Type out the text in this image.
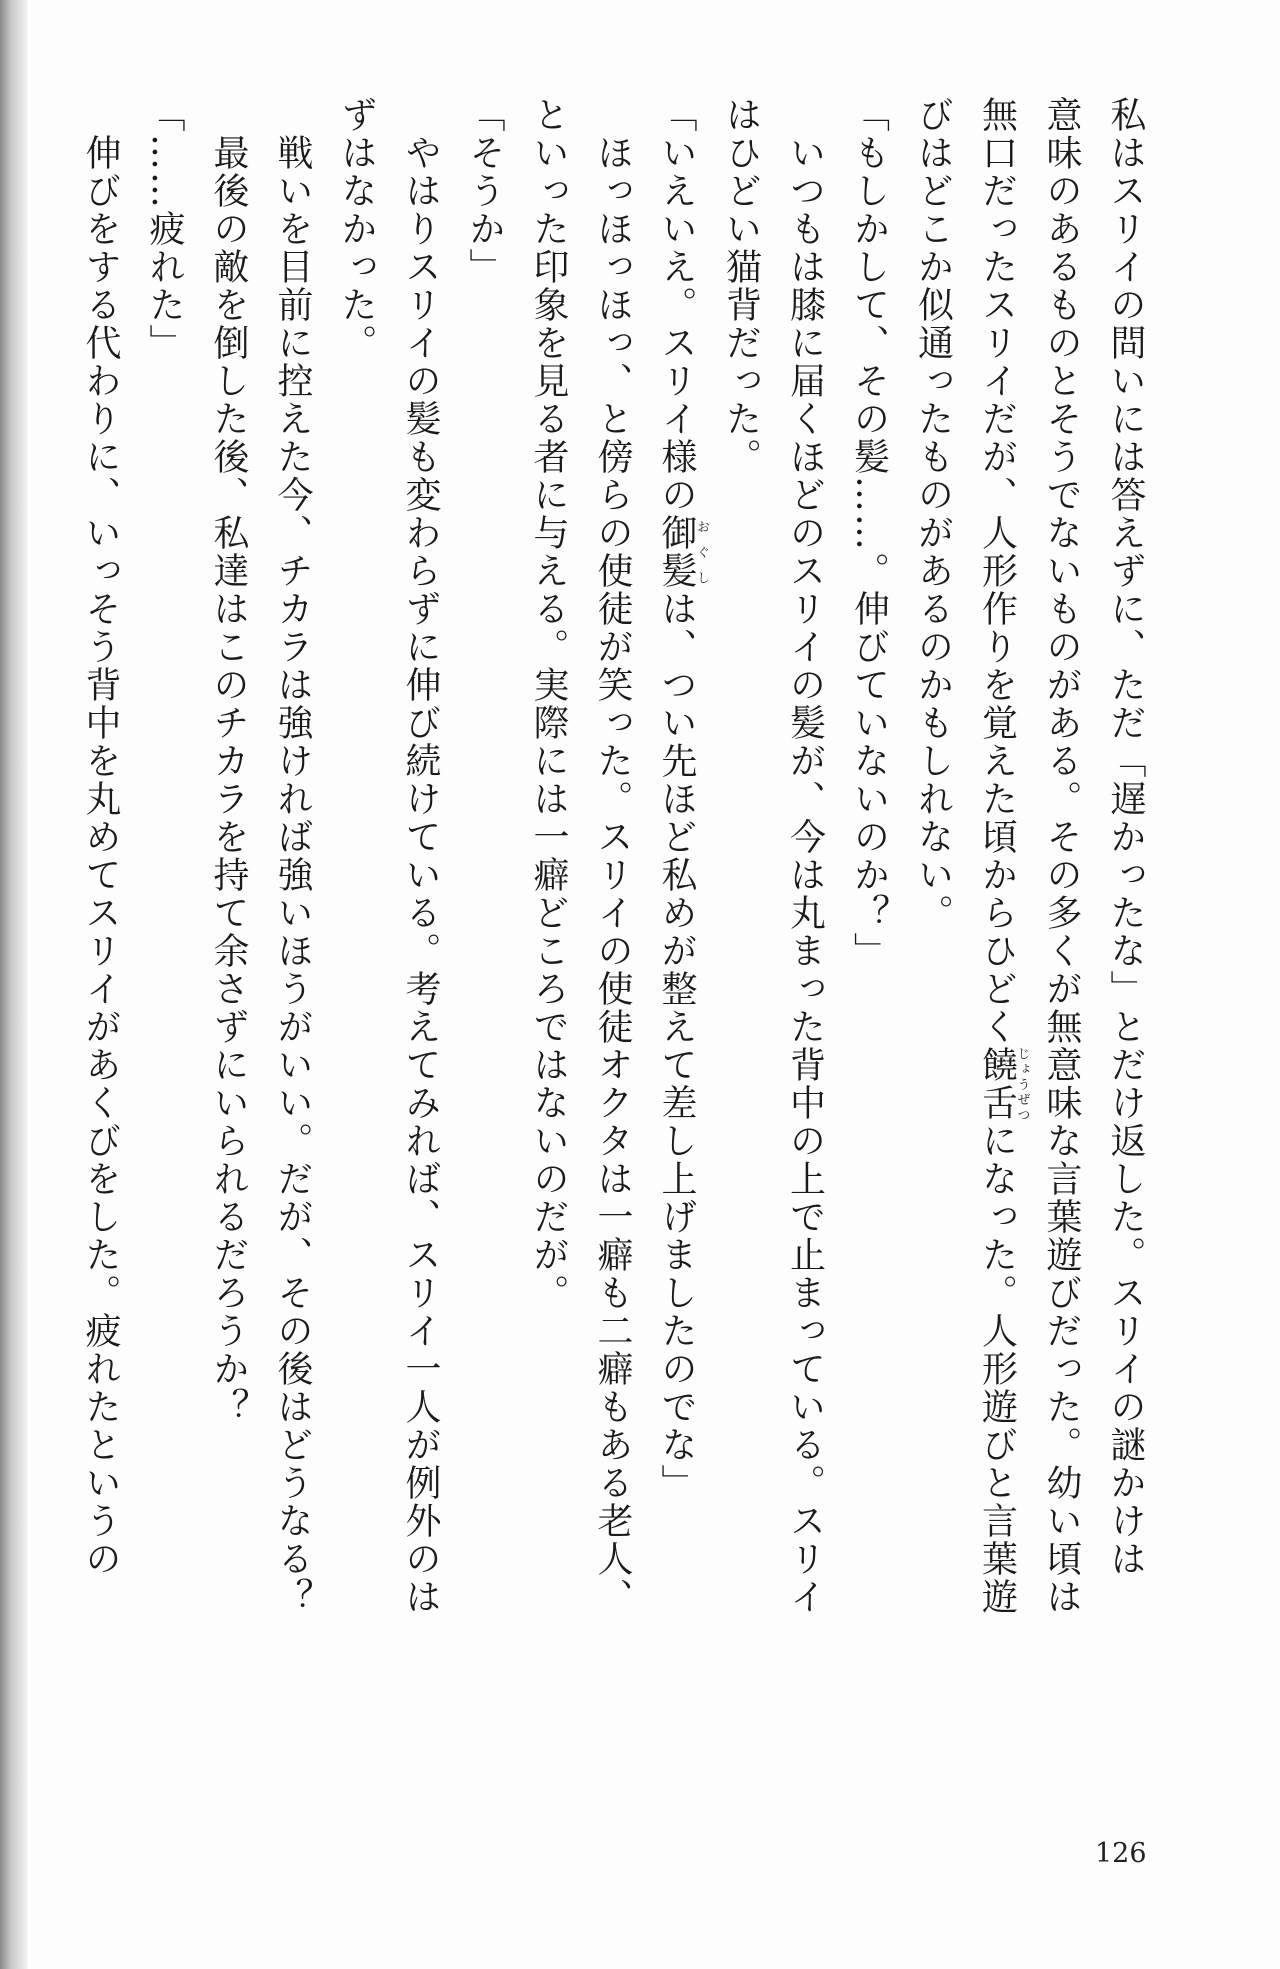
私はスリイの問いには答えずに、ただ「遅かったな」とだけ返した。スリイの謎かけは
意味のあるものとそうでないものがある。その多くが無意味な言葉遊びだった。幼い頃は
無口だったスリイだが、人形作りを覚えた頃からひどく饒舌じょうぜつになった。人形遊びと言葉遊
びはどこか似通ったものがあるのかもしれない。
「もしかして、その髪……。伸びていないのか？」
　いつもは膝に届くほどのスリイの髪が、今は丸まった背中の上で止まっている。スリイ
はひどい猫背だった。
「いえいえ。スリイ様の御髪おぐしは、つい先ほど私めが整えて差し上げましたのでな」
　ほっほっほっ、と傍らの使徒が笑った。スリイの使徒オクタは一癖も二癖もある老人、
といった印象を見る者に与える。実際には一癖どころではないのだが。
「そうか」
　やはりスリイの髪も変わらずに伸び続けている。考えてみれば、スリイ一人が例外のは
ずはなかった。
　戦いを目前に控えた今、チカラは強ければ強いほうがいい。だが、その後はどうなる？
　最後の敵を倒した後、私達はこのチカラを持て余さずにいられるだろうか？
「……疲れた」
　伸びをする代わりに、いっそう背中を丸めてスリイがあくびをした。疲れたというの
126
